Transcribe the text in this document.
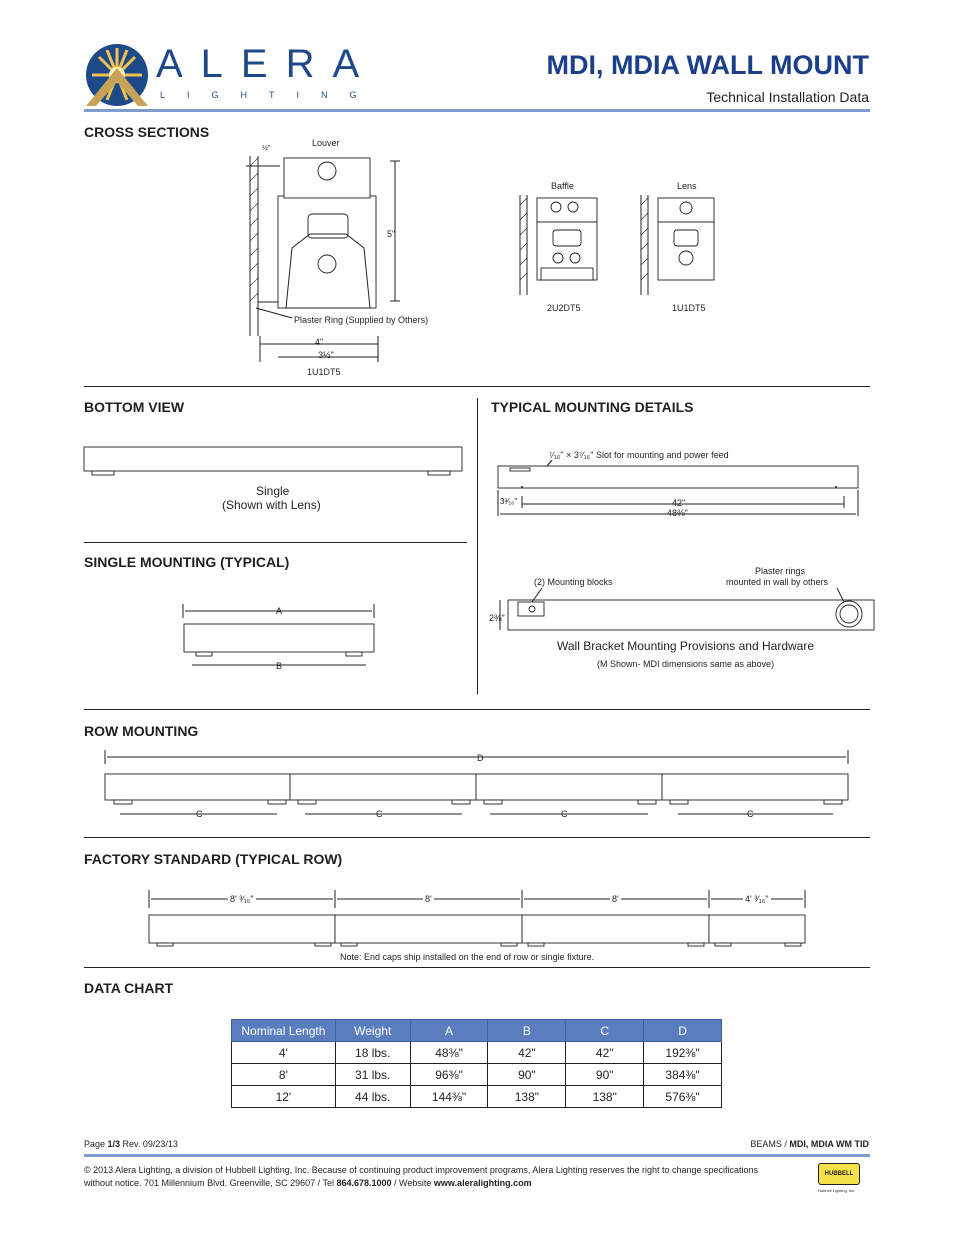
ALERA
LIGHTING
MDI, MDIA WALL MOUNT
Technical Installation Data
CROSS SECTIONS
Louver
½"
5"
Plaster Ring (Supplied by Others)
4"
3½"
1U1DT5
Baffle
2U2DT5
Lens
1U1DT5
BOTTOM VIEW
Single
(Shown with Lens)
TYPICAL MOUNTING DETAILS
⁷⁄₁₆" × 3⁷⁄₁₆" Slot for mounting and power feed
3³⁄₁₆"	42"
48⅜"
(2) Mounting blocks
Plaster rings
mounted in wall by others
2⅜"
Wall Bracket Mounting Provisions and Hardware
(M Shown- MDI dimensions same as above)
SINGLE MOUNTING (TYPICAL)
A
B
ROW MOUNTING
D
C	C	C	C
FACTORY STANDARD (TYPICAL ROW)
8' ³⁄₁₆"	8'	8'	4' ³⁄₁₆"
Note: End caps ship installed on the end of row or single fixture.
DATA CHART
Nominal Length	Weight	A	B	C	D
4'	18 lbs.	48⅜"	42"	42"	192⅜"
8'	31 lbs.	96⅜"	90"	90"	384⅜"
12'	44 lbs.	144⅜"	138"	138"	576⅜"
Page 1/3 Rev. 09/23/13	BEAMS / MDI, MDIA WM TID
© 2013 Alera Lighting, a division of Hubbell Lighting, Inc. Because of continuing product improvement programs, Alera Lighting reserves the right to change specifications
without notice. 701 Millennium Blvd. Greenville, SC 29607 / Tel 864.678.1000 / Website www.aleralighting.com
HUBBELL
Hubbell Lighting, Inc.
